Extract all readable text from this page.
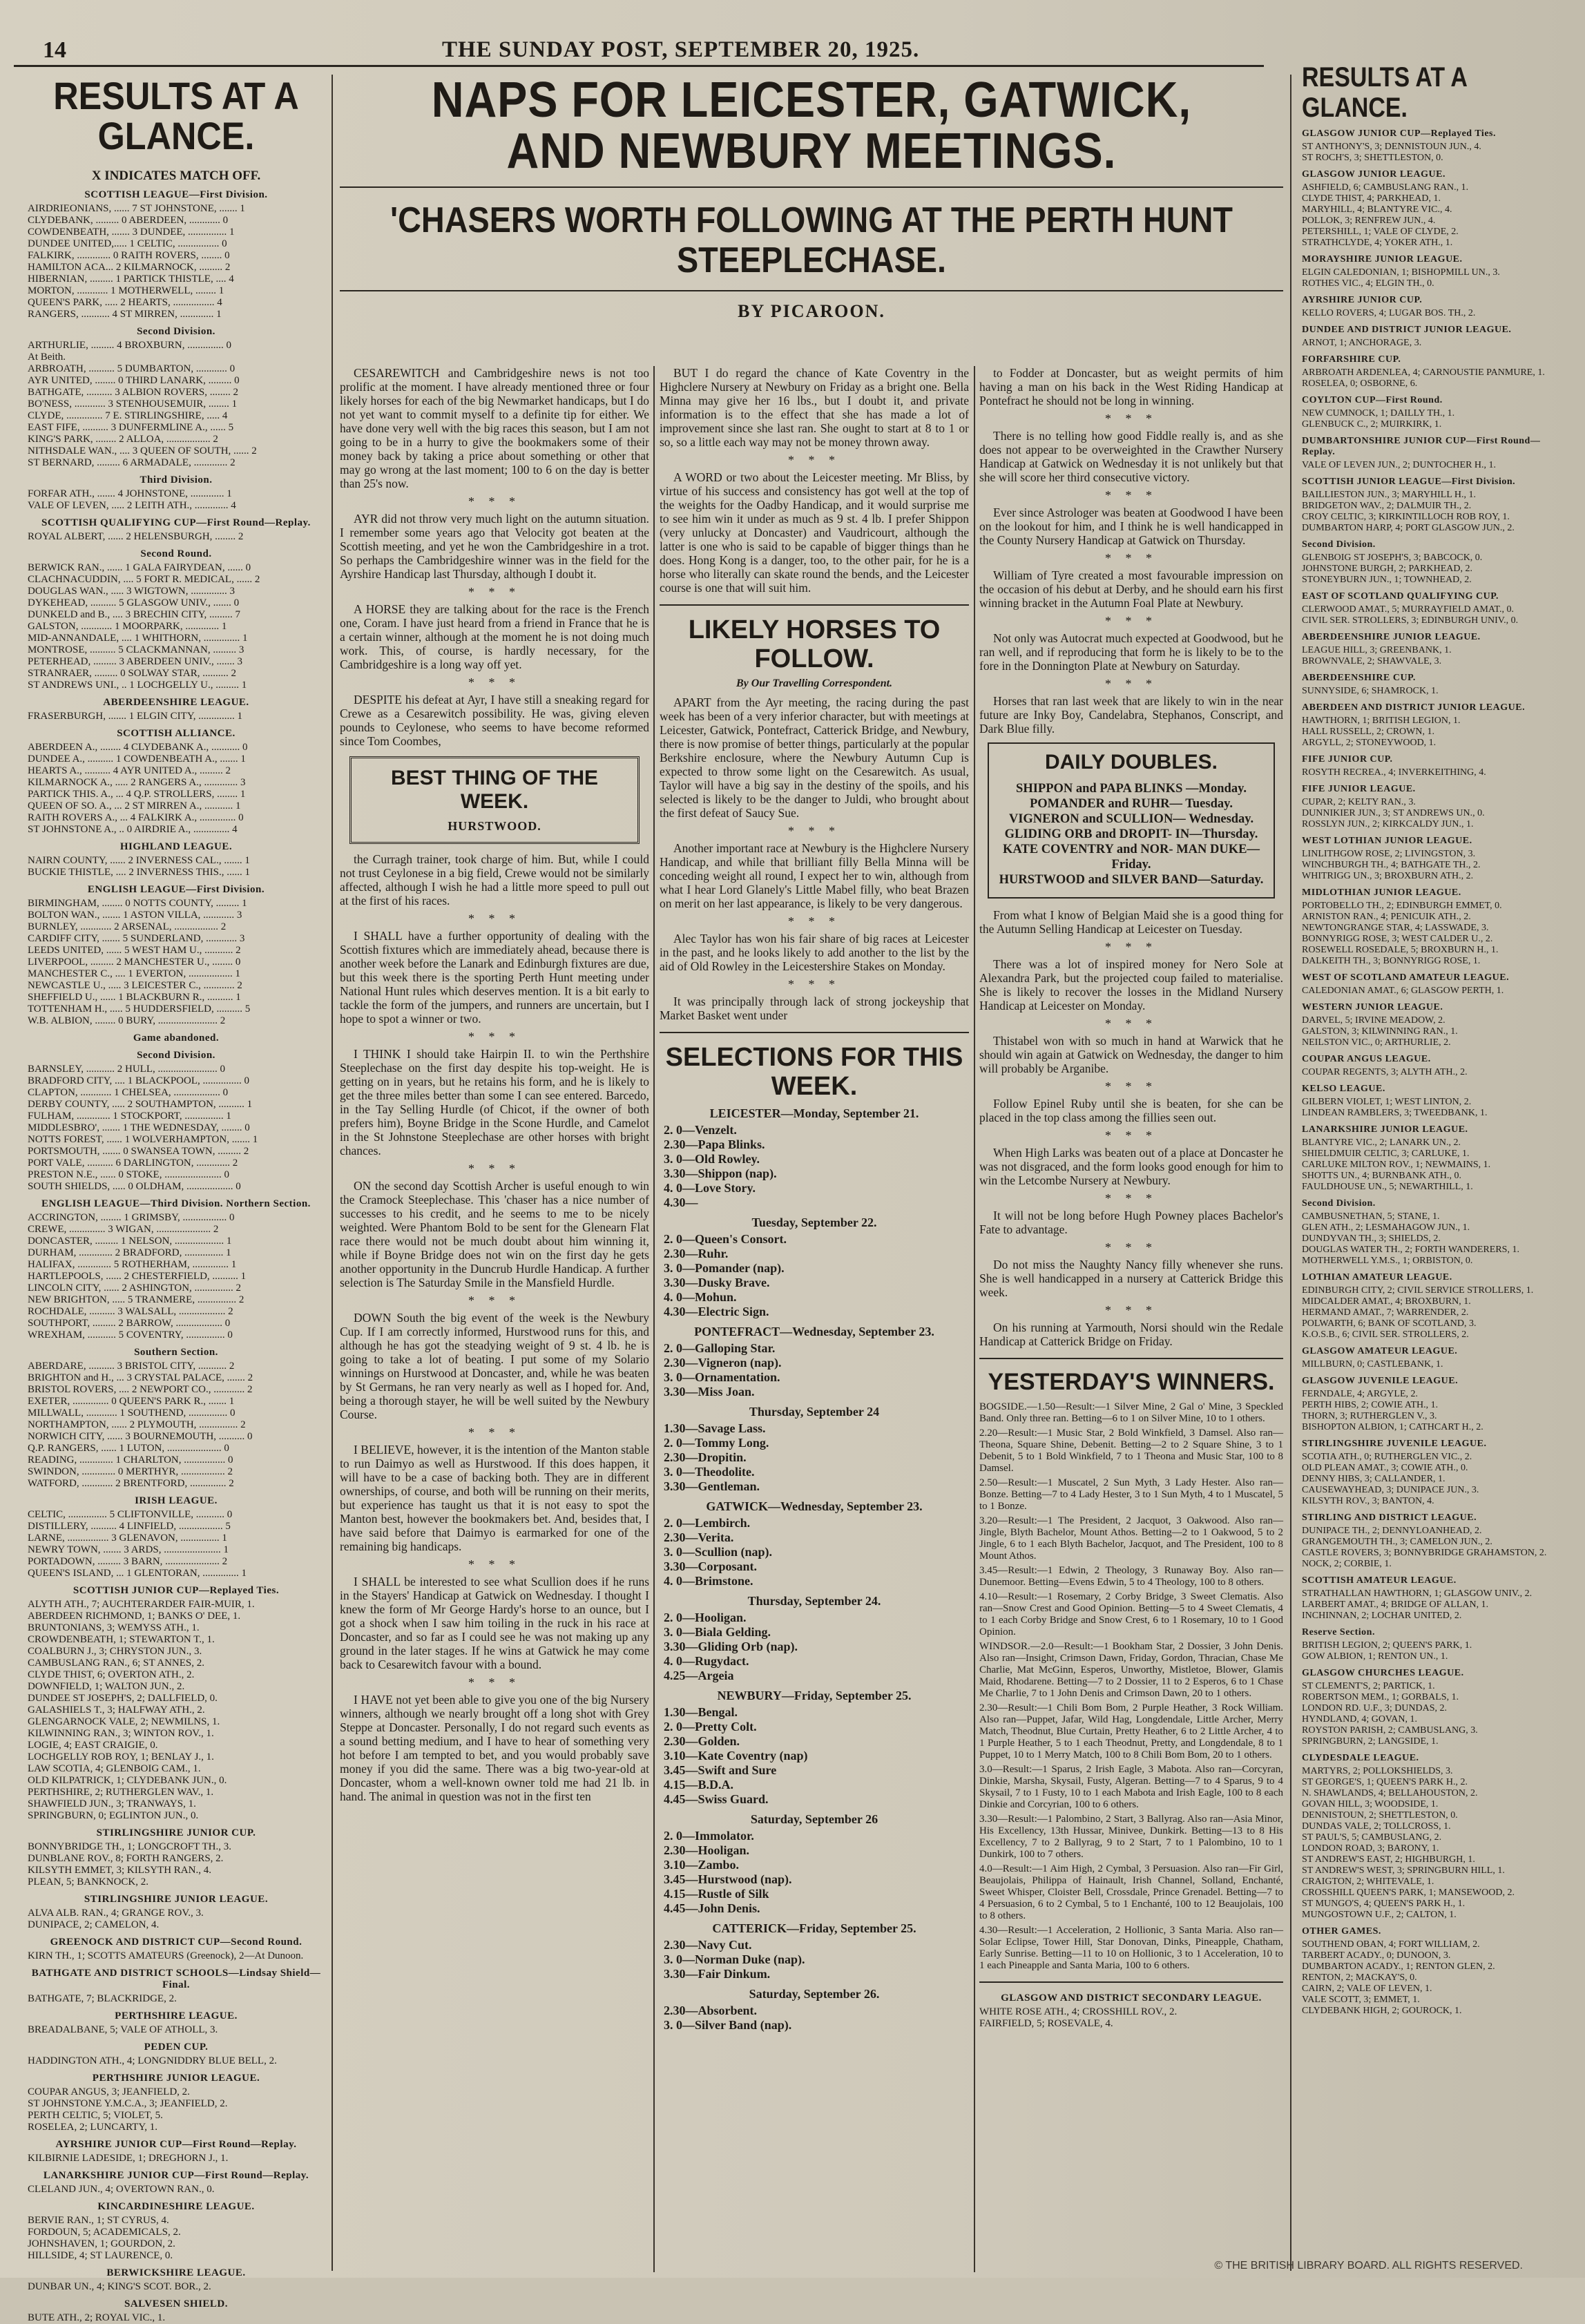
14	THE SUNDAY POST, SEPTEMBER 20, 1925.
RESULTS AT A GLANCE.
X INDICATES MATCH OFF.
SCOTTISH LEAGUE—First Division.
AIRDRIEONIANS, ...... 7 ST JOHNSTONE, ....... 1
CLYDEBANK, ......... 0 ABERDEEN, ............ 0
COWDENBEATH, ....... 3 DUNDEE, ............... 1
DUNDEE UNITED,..... 1 CELTIC, ................ 0
FALKIRK, ............. 0 RAITH ROVERS, ........ 0
HAMILTON ACA... 2 KILMARNOCK, ......... 2
HIBERNIAN, ......... 1 PARTICK THISTLE, .... 4
MORTON, ............ 1 MOTHERWELL, ........ 1
QUEEN'S PARK, ..... 2 HEARTS, ................ 4
RANGERS, ........... 4 ST MIRREN, ............. 1
Second Division.
ARTHURLIE, ......... 4 BROXBURN, .............. 0
At Beith.
ARBROATH, .......... 5 DUMBARTON, ............ 0
AYR UNITED, ........ 0 THIRD LANARK, ......... 0
BATHGATE, .......... 3 ALBION ROVERS, ........ 2
BO'NESS, ............ 3 STENHOUSEMUIR, ........ 1
CLYDE, .............. 7 E. STIRLINGSHIRE, ..... 4
EAST FIFE, .......... 3 DUNFERMLINE A., ...... 5
KING'S PARK, ........ 2 ALLOA, ................. 2
NITHSDALE WAN., .... 3 QUEEN OF SOUTH, ...... 2
ST BERNARD, ......... 6 ARMADALE, ............. 2
Third Division.
FORFAR ATH., ....... 4 JOHNSTONE, ............. 1
VALE OF LEVEN, ..... 2 LEITH ATH., ............. 4
SCOTTISH QUALIFYING CUP—First Round—Replay.
ROYAL ALBERT, ...... 2 HELENSBURGH, ........ 2
Second Round.
BERWICK RAN., ...... 1 GALA FAIRYDEAN, ...... 0
CLACHNACUDDIN, .... 5 FORT R. MEDICAL, ...... 2
DOUGLAS WAN., ..... 3 WIGTOWN, .............. 3
DYKEHEAD, .......... 5 GLASGOW UNIV., ....... 0
DUNKELD and B., .... 3 BRECHIN CITY, ......... 7
GALSTON, ............ 1 MOORPARK, ............. 1
MID-ANNANDALE, .... 1 WHITHORN, .............. 1
MONTROSE, .......... 5 CLACKMANNAN, ......... 3
PETERHEAD, ......... 3 ABERDEEN UNIV., ....... 3
STRANRAER, ......... 0 SOLWAY STAR, .......... 2
ST ANDREWS UNI., .. 1 LOCHGELLY U., ......... 1
ABERDEENSHIRE LEAGUE.
FRASERBURGH, ....... 1 ELGIN CITY, .............. 1
SCOTTISH ALLIANCE.
ABERDEEN A., ........ 4 CLYDEBANK A., ........... 0
DUNDEE A., .......... 1 COWDENBEATH A., ....... 1
HEARTS A., .......... 4 AYR UNITED A., ......... 2
KILMARNOCK A., ..... 2 RANGERS A., ............. 3
PARTICK THIS. A., ... 4 Q.P. STROLLERS, ........ 1
QUEEN OF SO. A., ... 2 ST MIRREN A., ........... 1
RAITH ROVERS A., ... 4 FALKIRK A., .............. 0
ST JOHNSTONE A., .. 0 AIRDRIE A., .............. 4
HIGHLAND LEAGUE.
NAIRN COUNTY, ...... 2 INVERNESS CAL., ....... 1
BUCKIE THISTLE, .... 2 INVERNESS THIS., ...... 1
ENGLISH LEAGUE—First Division.
BIRMINGHAM, ........ 0 NOTTS COUNTY, ......... 1
BOLTON WAN., ....... 1 ASTON VILLA, ............ 3
BURNLEY, ............ 2 ARSENAL, ................. 2
CARDIFF CITY, ....... 5 SUNDERLAND, ............ 3
LEEDS UNITED, ...... 5 WEST HAM U., ........... 2
LIVERPOOL, ......... 2 MANCHESTER U., ........ 0
MANCHESTER C., .... 1 EVERTON, ................. 1
NEWCASTLE U., ..... 3 LEICESTER C., ............ 2
SHEFFIELD U., ...... 1 BLACKBURN R., .......... 1
TOTTENHAM H., ..... 5 HUDDERSFIELD, .......... 5
W.B. ALBION, ........ 0 BURY, ....................... 2
Game abandoned.
Second Division.
BARNSLEY, ........... 2 HULL, ....................... 0
BRADFORD CITY, .... 1 BLACKPOOL, ............... 0
CLAPTON, ............ 1 CHELSEA, .................. 0
DERBY COUNTY, ..... 2 SOUTHAMPTON, .......... 1
FULHAM, ............. 1 STOCKPORT, ............... 1
MIDDLESBRO', ....... 1 THE WEDNESDAY, ........ 0
NOTTS FOREST, ...... 1 WOLVERHAMPTON, ....... 1
PORTSMOUTH, ....... 0 SWANSEA TOWN, ......... 2
PORT VALE, .......... 6 DARLINGTON, ............. 2
PRESTON N.E., ...... 0 STOKE, ...................... 0
SOUTH SHIELDS, ..... 0 OLDHAM, .................. 0
ENGLISH LEAGUE—Third Division. Northern Section.
ACCRINGTON, ........ 1 GRIMSBY, ................. 0
CREWE, .............. 3 WIGAN, ..................... 2
DONCASTER, ......... 1 NELSON, ................... 1
DURHAM, ............. 2 BRADFORD, ............... 1
HALIFAX, ............. 5 ROTHERHAM, .............. 1
HARTLEPOOLS, ...... 2 CHESTERFIELD, .......... 1
LINCOLN CITY, ...... 2 ASHINGTON, ............... 2
NEW BRIGHTON, ..... 5 TRANMERE, ............... 2
ROCHDALE, .......... 3 WALSALL, .................. 2
SOUTHPORT, ......... 2 BARROW, .................. 0
WREXHAM, ........... 5 COVENTRY, ............... 0
Southern Section.
ABERDARE, .......... 3 BRISTOL CITY, ........... 2
BRIGHTON and H., ... 3 CRYSTAL PALACE, ....... 2
BRISTOL ROVERS, .... 2 NEWPORT CO., ............ 2
EXETER, .............. 0 QUEEN'S PARK R., ....... 1
MILLWALL, ............ 1 SOUTHEND, ............... 0
NORTHAMPTON, ...... 2 PLYMOUTH, ............... 2
NORWICH CITY, ...... 3 BOURNEMOUTH, .......... 0
Q.P. RANGERS, ...... 1 LUTON, ..................... 0
READING, ............. 1 CHARLTON, ................ 0
SWINDON, ............. 0 MERTHYR, ................. 2
WATFORD, ............ 2 BRENTFORD, .............. 2
IRISH LEAGUE.
CELTIC, ............... 5 CLIFTONVILLE, ........... 0
DISTILLERY, .......... 4 LINFIELD, ................. 5
LARNE, ................ 3 GLENAVON, ............... 1
NEWRY TOWN, ....... 3 ARDS, ...................... 1
PORTADOWN, ......... 3 BARN, ..................... 2
QUEEN'S ISLAND, ... 1 GLENTORAN, .............. 1
SCOTTISH JUNIOR CUP—Replayed Ties.
ALYTH ATH., 7; AUCHTERARDER FAIR-MUIR, 1.
ABERDEEN RICHMOND, 1; BANKS O' DEE, 1.
BRUNTONIANS, 3; WEMYSS ATH., 1.
CROWDENBEATH, 1; STEWARTON T., 1.
COALBURN J., 3; CHRYSTON JUN., 3.
CAMBUSLANG RAN., 6; ST ANNES, 2.
CLYDE THIST, 6; OVERTON ATH., 2.
DOWNFIELD, 1; WALTON JUN., 2.
DUNDEE ST JOSEPH'S, 2; DALLFIELD, 0.
GALASHIELS T., 3; HALFWAY ATH., 2.
GLENGARNOCK VALE, 2; NEWMILNS, 1.
KILWINNING RAN., 3; WINTON ROV., 1.
LOGIE, 4; EAST CRAIGIE, 0.
LOCHGELLY ROB ROY, 1; BENLAY J., 1.
LAW SCOTIA, 4; GLENBOIG CAM., 1.
OLD KILPATRICK, 1; CLYDEBANK JUN., 0.
PERTHSHIRE, 2; RUTHERGLEN WAV., 1.
SHAWFIELD JUN., 3; TRANWAYS, 1.
SPRINGBURN, 0; EGLINTON JUN., 0.
STIRLINGSHIRE JUNIOR CUP.
BONNYBRIDGE TH., 1; LONGCROFT TH., 3.
DUNBLANE ROV., 8; FORTH RANGERS, 2.
KILSYTH EMMET, 3; KILSYTH RAN., 4.
PLEAN, 5; BANKNOCK, 2.
STIRLINGSHIRE JUNIOR LEAGUE.
ALVA ALB. RAN., 4; GRANGE ROV., 3.
DUNIPACE, 2; CAMELON, 4.
GREENOCK AND DISTRICT CUP—Second Round.
KIRN TH., 1; SCOTTS AMATEURS (Greenock), 2—At Dunoon.
BATHGATE AND DISTRICT SCHOOLS—Lindsay Shield—Final.
BATHGATE, 7; BLACKRIDGE, 2.
PERTHSHIRE LEAGUE.
BREADALBANE, 5; VALE OF ATHOLL, 3.
PEDEN CUP.
HADDINGTON ATH., 4; LONGNIDDRY BLUE BELL, 2.
PERTHSHIRE JUNIOR LEAGUE.
COUPAR ANGUS, 3; JEANFIELD, 2.
ST JOHNSTONE Y.M.C.A., 3; JEANFIELD, 2.
PERTH CELTIC, 5; VIOLET, 5.
ROSELEA, 2; LUNCARTY, 1.
AYRSHIRE JUNIOR CUP—First Round—Replay.
KILBIRNIE LADESIDE, 1; DREGHORN J., 1.
LANARKSHIRE JUNIOR CUP—First Round—Replay.
CLELAND JUN., 4; OVERTOWN RAN., 0.
KINCARDINESHIRE LEAGUE.
BERVIE RAN., 1; ST CYRUS, 4.
FORDOUN, 5; ACADEMICALS, 2.
JOHNSHAVEN, 1; GOURDON, 2.
HILLSIDE, 4; ST LAURENCE, 0.
BERWICKSHIRE LEAGUE.
DUNBAR UN., 4; KING'S SCOT. BOR., 2.
SALVESEN SHIELD.
BUTE ATH., 2; ROYAL VIC., 1.
NAPS FOR LEICESTER, GATWICK, AND NEWBURY MEETINGS.
'CHASERS WORTH FOLLOWING AT THE PERTH HUNT STEEPLECHASE.
BY PICAROON.

CESAREWITCH and Cambridgeshire news is not too prolific at the moment. I have already mentioned three or four likely horses for each of the big Newmarket handicaps, but I do not yet want to commit myself to a definite tip for either. We have done very well with the big races this season, but I am not going to be in a hurry to give the bookmakers some of their money back by taking a price about something or other that may go wrong at the last moment; 100 to 6 on the day is better than 25's now.

* * *

AYR did not throw very much light on the autumn situation. I remember some years ago that Velocity got beaten at the Scottish meeting, and yet he won the Cambridgeshire in a trot. So perhaps the Cambridgeshire winner was in the field for the Ayrshire Handicap last Thursday, although I doubt it.

* * *

A HORSE they are talking about for the race is the French one, Coram. I have just heard from a friend in France that he is a certain winner, although at the moment he is not doing much work. This, of course, is hardly necessary, for the Cambridgeshire is a long way off yet.

* * *

DESPITE his defeat at Ayr, I have still a sneaking regard for Crewe as a Cesarewitch possibility. He was, giving eleven pounds to Ceylonese, who seems to have become reformed since Tom Coombes,

BEST THING OF THE WEEK.
HURSTWOOD.

the Curragh trainer, took charge of him. But, while I could not trust Ceylonese in a big field, Crewe would not be similarly affected, although I wish he had a little more speed to pull out at the first of his races.

* * *

I SHALL have a further opportunity of dealing with the Scottish fixtures which are immediately ahead, because there is another week before the Lanark and Edinburgh fixtures are due, but this week there is the sporting Perth Hunt meeting under National Hunt rules which deserves mention. It is a bit early to tackle the form of the jumpers, and runners are uncertain, but I hope to spot a winner or two.

* * *

I THINK I should take Hairpin II. to win the Perthshire Steeplechase on the first day despite his top-weight. He is getting on in years, but he retains his form, and he is likely to get the three miles better than some I can see entered. Barcedo, in the Tay Selling Hurdle (of Chicot, if the owner of both prefers him), Boyne Bridge in the Scone Hurdle, and Camelot in the St Johnstone Steeplechase are other horses with bright chances.

* * *

ON the second day Scottish Archer is useful enough to win the Cramock Steeplechase. This 'chaser has a nice number of successes to his credit, and he seems to me to be nicely weighted. Were Phantom Bold to be sent for the Glenearn Flat race there would not be much doubt about him winning it, while if Boyne Bridge does not win on the first day he gets another opportunity in the Duncrub Hurdle Handicap. A further selection is The Saturday Smile in the Mansfield Hurdle.

* * *

DOWN South the big event of the week is the Newbury Cup. If I am correctly informed, Hurstwood runs for this, and although he has got the steadying weight of 9 st. 4 lb. he is going to take a lot of beating. I put some of my Solario winnings on Hurstwood at Doncaster, and, while he was beaten by St Germans, he ran very nearly as well as I hoped for. And, being a thorough stayer, he will be well suited by the Newbury Course.

* * *

I BELIEVE, however, it is the intention of the Manton stable to run Daimyo as well as Hurstwood. If this does happen, it will have to be a case of backing both. They are in different ownerships, of course, and both will be running on their merits, but experience has taught us that it is not easy to spot the Manton best, however the bookmakers bet. And, besides that, I have said before that Daimyo is earmarked for one of the remaining big handicaps.

* * *

I SHALL be interested to see what Scullion does if he runs in the Stayers' Handicap at Gatwick on Wednesday. I thought I knew the form of Mr George Hardy's horse to an ounce, but I got a shock when I saw him toiling in the ruck in his race at Doncaster, and so far as I could see he was not making up any ground in the later stages. If he wins at Gatwick he may come back to Cesarewitch favour with a bound.

* * *

I HAVE not yet been able to give you one of the big Nursery winners, although we nearly brought off a long shot with Grey Steppe at Doncaster. Personally, I do not regard such events as a sound betting medium, and I have to hear of something very hot before I am tempted to bet, and you would probably save money if you did the same. There was a big two-year-old at Doncaster, whom a well-known owner told me had 21 lb. in hand. The animal in question was not in the first ten

BUT I do regard the chance of Kate Coventry in the Highclere Nursery at Newbury on Friday as a bright one. Bella Minna may give her 16 lbs., but I doubt it, and private information is to the effect that she has made a lot of improvement since she last ran. She ought to start at 8 to 1 or so, so a little each way may not be money thrown away.

* * *

A WORD or two about the Leicester meeting. Mr Bliss, by virtue of his success and consistency has got well at the top of the weights for the Oadby Handicap, and it would surprise me to see him win it under as much as 9 st. 4 lb. I prefer Shippon (very unlucky at Doncaster) and Vaudricourt, although the latter is one who is said to be capable of bigger things than he does. Hong Kong is a danger, too, to the other pair, for he is a horse who literally can skate round the bends, and the Leicester course is one that will suit him.

LIKELY HORSES TO FOLLOW.
By Our Travelling Correspondent.

APART from the Ayr meeting, the racing during the past week has been of a very inferior character, but with meetings at Leicester, Gatwick, Pontefract, Catterick Bridge, and Newbury, there is now promise of better things, particularly at the popular Berkshire enclosure, where the Newbury Autumn Cup is expected to throw some light on the Cesarewitch. As usual, Taylor will have a big say in the destiny of the spoils, and his selected is likely to be the danger to Juldi, who brought about the first defeat of Saucy Sue.

* * *

Another important race at Newbury is the Highclere Nursery Handicap, and while that brilliant filly Bella Minna will be conceding weight all round, I expect her to win, although from what I hear Lord Glanely's Little Mabel filly, who beat Brazen on merit on her last appearance, is likely to be very dangerous.

* * *

Alec Taylor has won his fair share of big races at Leicester in the past, and he looks likely to add another to the list by the aid of Old Rowley in the Leicestershire Stakes on Monday.

* * *

It was principally through lack of strong jockeyship that Market Basket went under

SELECTIONS FOR THIS WEEK.
LEICESTER—Monday, September 21.
2. 0—Venzelt.
2.30—Papa Blinks.
3. 0—Old Rowley.
3.30—Shippon (nap).
4. 0—Love Story.
4.30—
Tuesday, September 22.
2. 0—Queen's Consort.
2.30—Ruhr.
3. 0—Pomander (nap).
3.30—Dusky Brave.
4. 0—Mohun.
4.30—Electric Sign.
PONTEFRACT—Wednesday, September 23.
2. 0—Galloping Star.
2.30—Vigneron (nap).
3. 0—Ornamentation.
3.30—Miss Joan.
Thursday, September 24
1.30—Savage Lass.
2. 0—Tommy Long.
2.30—Dropitin.
3. 0—Theodolite.
3.30—Gentleman.
GATWICK—Wednesday, September 23.
2. 0—Lembirch.
2.30—Verita.
3. 0—Scullion (nap).
3.30—Corposant.
4. 0—Brimstone.
Thursday, September 24.
2. 0—Hooligan.
3. 0—Biala Gelding.
3.30—Gliding Orb (nap).
4. 0—Rugydact.
4.25—Argeia
NEWBURY—Friday, September 25.
1.30—Bengal.
2. 0—Pretty Colt.
2.30—Golden.
3.10—Kate Coventry (nap)
3.45—Swift and Sure
4.15—B.D.A.
4.45—Swiss Guard.
Saturday, September 26
2. 0—Immolator.
2.30—Hooligan.
3.10—Zambo.
3.45—Hurstwood (nap).
4.15—Rustle of Silk
4.45—John Denis.
CATTERICK—Friday, September 25.
2.30—Navy Cut.
3. 0—Norman Duke (nap).
3.30—Fair Dinkum.
Saturday, September 26.
2.30—Absorbent.
3. 0—Silver Band (nap).

to Fodder at Doncaster, but as weight permits of him having a man on his back in the West Riding Handicap at Pontefract he should not be long in winning.

* * *

There is no telling how good Fiddle really is, and as she does not appear to be overweighted in the Crawther Nursery Handicap at Gatwick on Wednesday it is not unlikely but that she will score her third consecutive victory.

* * *

Ever since Astrologer was beaten at Goodwood I have been on the lookout for him, and I think he is well handicapped in the County Nursery Handicap at Gatwick on Thursday.

* * *

William of Tyre created a most favourable impression on the occasion of his debut at Derby, and he should earn his first winning bracket in the Autumn Foal Plate at Newbury.

* * *

Not only was Autocrat much expected at Goodwood, but he ran well, and if reproducing that form he is likely to be to the fore in the Donnington Plate at Newbury on Saturday.

* * *

Horses that ran last week that are likely to win in the near future are Inky Boy, Candelabra, Stephanos, Conscript, and Dark Blue filly.

DAILY DOUBLES.
SHIPPON and PAPA BLINKS —Monday.
POMANDER and RUHR— Tuesday.
VIGNERON and SCULLION— Wednesday.
GLIDING ORB and DROPIT- IN—Thursday.
KATE COVENTRY and NOR- MAN DUKE—Friday.
HURSTWOOD and SILVER BAND—Saturday.

From what I know of Belgian Maid she is a good thing for the Autumn Selling Handicap at Leicester on Tuesday.

* * *

There was a lot of inspired money for Nero Sole at Alexandra Park, but the projected coup failed to materialise. She is likely to recover the losses in the Midland Nursery Handicap at Leicester on Monday.

* * *

Thistabel won with so much in hand at Warwick that he should win again at Gatwick on Wednesday, the danger to him will probably be Arganibe.

* * *

Follow Epinel Ruby until she is beaten, for she can be placed in the top class among the fillies seen out.

* * *

When High Larks was beaten out of a place at Doncaster he was not disgraced, and the form looks good enough for him to win the Letcombe Nursery at Newbury.

* * *

It will not be long before Hugh Powney places Bachelor's Fate to advantage.

* * *

Do not miss the Naughty Nancy filly whenever she runs. She is well handicapped in a nursery at Catterick Bridge this week.

* * *

On his running at Yarmouth, Norsi should win the Redale Handicap at Catterick Bridge on Friday.

YESTERDAY'S WINNERS.
BOGSIDE.—1.50—Result:—1 Silver Mine, 2 Gal o' Mine, 3 Speckled Band. Only three ran. Betting—6 to 1 on Silver Mine, 10 to 1 others.
2.20—Result:—1 Music Star, 2 Bold Winkfield, 3 Damsel. Also ran—Theona, Square Shine, Debenit. Betting—2 to 2 Square Shine, 3 to 1 Debenit, 5 to 1 Bold Winkfield, 7 to 1 Theona and Music Star, 100 to 8 Damsel.
2.50—Result:—1 Muscatel, 2 Sun Myth, 3 Lady Hester. Also ran—Bonze. Betting—7 to 4 Lady Hester, 3 to 1 Sun Myth, 4 to 1 Muscatel, 5 to 1 Bonze.
3.20—Result:—1 The President, 2 Jacquot, 3 Oakwood. Also ran—Jingle, Blyth Bachelor, Mount Athos. Betting—2 to 1 Oakwood, 5 to 2 Jingle, 6 to 1 each Blyth Bachelor, Jacquot, and The President, 100 to 8 Mount Athos.
3.45—Result:—1 Edwin, 2 Theology, 3 Runaway Boy. Also ran—Dunemoor. Betting—Evens Edwin, 5 to 4 Theology, 100 to 8 others.
4.10—Result:—1 Rosemary, 2 Corby Bridge, 3 Sweet Clematis. Also ran—Snow Crest and Good Opinion. Betting—5 to 4 Sweet Clematis, 4 to 1 each Corby Bridge and Snow Crest, 6 to 1 Rosemary, 10 to 1 Good Opinion.
WINDSOR.—2.0—Result:—1 Bookham Star, 2 Dossier, 3 John Denis. Also ran—Insight, Crimson Dawn, Friday, Gordon, Thracian, Chase Me Charlie, Mat McGinn, Esperos, Unworthy, Mistletoe, Blower, Glamis Maid, Rhodarene. Betting—7 to 2 Dossier, 11 to 2 Esperos, 6 to 1 Chase Me Charlie, 7 to 1 John Denis and Crimson Dawn, 20 to 1 others.
2.30—Result:—1 Chili Bom Bom, 2 Purple Heather, 3 Rock William. Also ran—Puppet, Jafar, Wild Hag, Longdendale, Little Archer, Merry Match, Theodnut, Blue Curtain, Pretty Heather, 6 to 2 Little Archer, 4 to 1 Purple Heather, 5 to 1 each Theodnut, Pretty, and Longdendale, 8 to 1 Puppet, 10 to 1 Merry Match, 100 to 8 Chili Bom Bom, 20 to 1 others.
3.0—Result:—1 Sparus, 2 Irish Eagle, 3 Mabota. Also ran—Corcyran, Dinkie, Marsha, Skysail, Fusty, Algeran. Betting—7 to 4 Sparus, 9 to 4 Skysail, 7 to 1 Fusty, 10 to 1 each Mabota and Irish Eagle, 100 to 8 each Dinkie and Corcyrian, 100 to 6 others.
3.30—Result:—1 Palombino, 2 Start, 3 Ballyrag. Also ran—Asia Minor, His Excellency, 13th Hussar, Minivee, Dunkirk. Betting—13 to 8 His Excellency, 7 to 2 Ballyrag, 9 to 2 Start, 7 to 1 Palombino, 10 to 1 Dunkirk, 100 to 7 others.
4.0—Result:—1 Aim High, 2 Cymbal, 3 Persuasion. Also ran—Fir Girl, Beaujolais, Philippa of Hainault, Irish Channel, Solland, Enchanté, Sweet Whisper, Cloister Bell, Crossdale, Prince Grenadel. Betting—7 to 4 Persuasion, 6 to 2 Cymbal, 5 to 1 Enchanté, 100 to 12 Beaujolais, 100 to 8 others.
4.30—Result:—1 Acceleration, 2 Hollionic, 3 Santa Maria. Also ran—Solar Eclipse, Tower Hill, Star Donovan, Dinks, Pineapple, Chatham, Early Sunrise. Betting—11 to 10 on Hollionic, 3 to 1 Acceleration, 10 to 1 each Pineapple and Santa Maria, 100 to 6 others.
GLASGOW AND DISTRICT SECONDARY LEAGUE.
WHITE ROSE ATH., 4; CROSSHILL ROV., 2.
FAIRFIELD, 5; ROSEVALE, 4.
RESULTS AT A GLANCE.
GLASGOW JUNIOR CUP—Replayed Ties.
ST ANTHONY'S, 3; DENNISTOUN JUN., 4.
ST ROCH'S, 3; SHETTLESTON, 0.
GLASGOW JUNIOR LEAGUE.
ASHFIELD, 6; CAMBUSLANG RAN., 1.
CLYDE THIST, 4; PARKHEAD, 1.
MARYHILL, 4; BLANTYRE VIC., 4.
POLLOK, 3; RENFREW JUN., 4.
PETERSHILL, 1; VALE OF CLYDE, 2.
STRATHCLYDE, 4; YOKER ATH., 1.
MORAYSHIRE JUNIOR LEAGUE.
ELGIN CALEDONIAN, 1; BISHOPMILL UN., 3.
ROTHES VIC., 4; ELGIN TH., 0.
AYRSHIRE JUNIOR CUP.
KELLO ROVERS, 4; LUGAR BOS. TH., 2.
DUNDEE AND DISTRICT JUNIOR LEAGUE.
ARNOT, 1; ANCHORAGE, 3.
FORFARSHIRE CUP.
ARBROATH ARDENLEA, 4; CARNOUSTIE PANMURE, 1.
ROSELEA, 0; OSBORNE, 6.
COYLTON CUP—First Round.
NEW CUMNOCK, 1; DAILLY TH., 1.
GLENBUCK C., 2; MUIRKIRK, 1.
DUMBARTONSHIRE JUNIOR CUP—First Round—Replay.
VALE OF LEVEN JUN., 2; DUNTOCHER H., 1.
SCOTTISH JUNIOR LEAGUE—First Division.
BAILLIESTON JUN., 3; MARYHILL H., 1.
BRIDGETON WAV., 2; DALMUIR TH., 2.
CROY CELTIC, 3; KIRKINTILLOCH ROB ROY, 1.
DUMBARTON HARP, 4; PORT GLASGOW JUN., 2.
Second Division.
GLENBOIG ST JOSEPH'S, 3; BABCOCK, 0.
JOHNSTONE BURGH, 2; PARKHEAD, 2.
STONEYBURN JUN., 1; TOWNHEAD, 2.
EAST OF SCOTLAND QUALIFYING CUP.
CLERWOOD AMAT., 5; MURRAYFIELD AMAT., 0.
CIVIL SER. STROLLERS, 3; EDINBURGH UNIV., 0.
ABERDEENSHIRE JUNIOR LEAGUE.
LEAGUE HILL, 3; GREENBANK, 1.
BROWNVALE, 2; SHAWVALE, 3.
ABERDEENSHIRE CUP.
SUNNYSIDE, 6; SHAMROCK, 1.
ABERDEEN AND DISTRICT JUNIOR LEAGUE.
HAWTHORN, 1; BRITISH LEGION, 1.
HALL RUSSELL, 2; CROWN, 1.
ARGYLL, 2; STONEYWOOD, 1.
FIFE JUNIOR CUP.
ROSYTH RECREA., 4; INVERKEITHING, 4.
FIFE JUNIOR LEAGUE.
CUPAR, 2; KELTY RAN., 3.
DUNNIKIER JUN., 3; ST ANDREWS UN., 0.
ROSSLYN JUN., 2; KIRKCALDY JUN., 1.
WEST LOTHIAN JUNIOR LEAGUE.
LINLITHGOW ROSE, 2; LIVINGSTON, 3.
WINCHBURGH TH., 4; BATHGATE TH., 2.
WHITRIGG UN., 3; BROXBURN ATH., 2.
MIDLOTHIAN JUNIOR LEAGUE.
PORTOBELLO TH., 2; EDINBURGH EMMET, 0.
ARNISTON RAN., 4; PENICUIK ATH., 2.
NEWTONGRANGE STAR, 4; LASSWADE, 3.
BONNYRIGG ROSE, 3; WEST CALDER U., 2.
ROSEWELL ROSEDALE, 5; BROXBURN H., 1.
DALKEITH TH., 3; BONNYRIGG ROSE, 1.
WEST OF SCOTLAND AMATEUR LEAGUE.
CALEDONIAN AMAT., 6; GLASGOW PERTH, 1.
WESTERN JUNIOR LEAGUE.
DARVEL, 5; IRVINE MEADOW, 2.
GALSTON, 3; KILWINNING RAN., 1.
NEILSTON VIC., 0; ARTHURLIE, 2.
COUPAR ANGUS LEAGUE.
COUPAR REGENTS, 3; ALYTH ATH., 2.
KELSO LEAGUE.
GILBERN VIOLET, 1; WEST LINTON, 2.
LINDEAN RAMBLERS, 3; TWEEDBANK, 1.
LANARKSHIRE JUNIOR LEAGUE.
BLANTYRE VIC., 2; LANARK UN., 2.
SHIELDMUIR CELTIC, 3; CARLUKE, 1.
CARLUKE MILTON ROV., 1; NEWMAINS, 1.
SHOTTS UN., 4; BURNBANK ATH., 0.
FAULDHOUSE UN., 5; NEWARTHILL, 1.
Second Division.
CAMBUSNETHAN, 5; STANE, 1.
GLEN ATH., 2; LESMAHAGOW JUN., 1.
DUNDYVAN TH., 3; SHIELDS, 2.
DOUGLAS WATER TH., 2; FORTH WANDERERS, 1.
MOTHERWELL Y.M.S., 1; ORBISTON, 0.
LOTHIAN AMATEUR LEAGUE.
EDINBURGH CITY, 2; CIVIL SERVICE STROLLERS, 1.
MIDCALDER AMAT., 4; BROXBURN, 1.
HERMAND AMAT., 7; WARRENDER, 2.
POLWARTH, 6; BANK OF SCOTLAND, 3.
K.O.S.B., 6; CIVIL SER. STROLLERS, 2.
GLASGOW AMATEUR LEAGUE.
MILLBURN, 0; CASTLEBANK, 1.
GLASGOW JUVENILE LEAGUE.
FERNDALE, 4; ARGYLE, 2.
PERTH HIBS, 2; COWIE ATH., 1.
THORN, 3; RUTHERGLEN V., 3.
BISHOPTON ALBION, 1; CATHCART H., 2.
STIRLINGSHIRE JUVENILE LEAGUE.
SCOTIA ATH., 0; RUTHERGLEN VIC., 2.
OLD PLEAN AMAT., 3; COWIE ATH., 0.
DENNY HIBS, 3; CALLANDER, 1.
CAUSEWAYHEAD, 3; DUNIPACE JUN., 3.
KILSYTH ROV., 3; BANTON, 4.
STIRLING AND DISTRICT LEAGUE.
DUNIPACE TH., 2; DENNYLOANHEAD, 2.
GRANGEMOUTH TH., 3; CAMELON JUN., 2.
CASTLE ROVERS, 3; BONNYBRIDGE GRAHAMSTON, 2.
NOCK, 2; CORBIE, 1.
SCOTTISH AMATEUR LEAGUE.
STRATHALLAN HAWTHORN, 1; GLASGOW UNIV., 2.
LARBERT AMAT., 4; BRIDGE OF ALLAN, 1.
INCHINNAN, 2; LOCHAR UNITED, 2.
Reserve Section.
BRITISH LEGION, 2; QUEEN'S PARK, 1.
GOW ALBION, 1; RENTON UN., 1.
GLASGOW CHURCHES LEAGUE.
ST CLEMENT'S, 2; PARTICK, 1.
ROBERTSON MEM., 1; GORBALS, 1.
LONDON RD. U.F., 3; DUNDAS, 2.
HYNDLAND, 4; GOVAN, 1.
ROYSTON PARISH, 2; CAMBUSLANG, 3.
SPRINGBURN, 2; LANGSIDE, 1.
CLYDESDALE LEAGUE.
MARTYRS, 2; POLLOKSHIELDS, 3.
ST GEORGE'S, 1; QUEEN'S PARK H., 2.
N. SHAWLANDS, 4; BELLAHOUSTON, 2.
GOVAN HILL, 3; WOODSIDE, 1.
DENNISTOUN, 2; SHETTLESTON, 0.
DUNDAS VALE, 2; TOLLCROSS, 1.
ST PAUL'S, 5; CAMBUSLANG, 2.
LONDON ROAD, 3; BARONY, 1.
ST ANDREW'S EAST, 2; HIGHBURGH, 1.
ST ANDREW'S WEST, 3; SPRINGBURN HILL, 1.
CRAIGTON, 2; WHITEVALE, 1.
CROSSHILL QUEEN'S PARK, 1; MANSEWOOD, 2.
ST MUNGO'S, 4; QUEEN'S PARK H., 1.
MUNGOSTOWN U.F., 2; CALTON, 1.
OTHER GAMES.
SOUTHEND OBAN, 4; FORT WILLIAM, 2.
TARBERT ACADY., 0; DUNOON, 3.
DUMBARTON ACADY., 1; RENTON GLEN, 2.
RENTON, 2; MACKAY'S, 0.
CAIRN, 2; VALE OF LEVEN, 1.
VALE SCOTT, 3; EMMET, 1.
CLYDEBANK HIGH, 2; GOUROCK, 1.
© THE BRITISH LIBRARY BOARD. ALL RIGHTS RESERVED.
